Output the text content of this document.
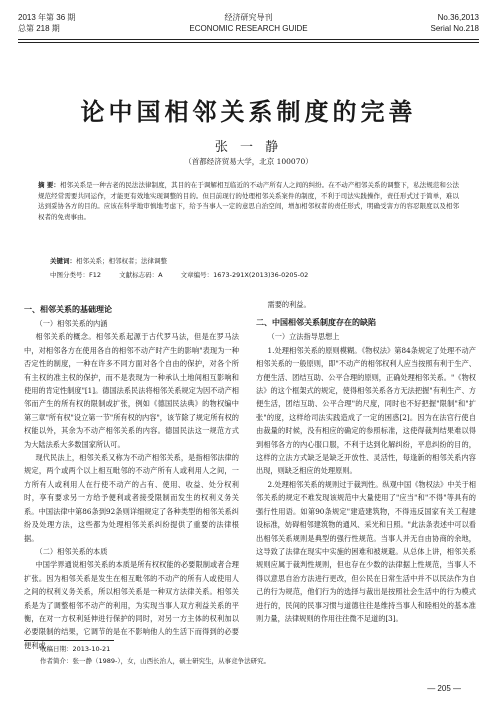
2013 年第 36 期
总第 218 期
经济研究导刊
ECONOMIC RESEARCH GUIDE
No.36,2013
Serial No.218
论中国相邻关系制度的完善
张 一 静
（首都经济贸易大学，北京 100070）
摘 要：相邻关系是一种古老的民法法律制度，其目的在于调解相互临近的不动产所有人之间的纠纷。在不动产相邻关系的调整下，私法规范和公法规范经常需要共同运作，才能更有效地实现调整的目的。但目前现行的处理相邻关系案件的制度，不利于司法实践操作，责任形式过于简单，难以达到妥协各方的目的。应该在科学地审慎地考虑下，给予当事人一定的意思自治空间，增加相邻权者的责任形式，明确受害方的容忍限度以及相邻权者的免责事由。
关键词：相邻关系；相邻权者；法律调整
中图分类号：F12	文献标志码：A	文章编号：1673-291X(2013)36-0205-02
一、相邻关系的基础理论
（一）相邻关系的内涵

相邻关系的概念。相邻关系起源于古代罗马法，但是在罗马法中，对相邻各方在使用各自的相邻不动产时产生的影响"表现为一种否定性的制度，一种在许多不同方面对各个自由的保护，对各个所有主权的准主权的保护，而不是表现为一种承认土地间相互影响和使用的肯定性制度"[1]。德国法系民法将相邻关系规定为因不动产相邻而产生的所有权的限制或扩张，例如《德国民法典》的物权编中第三章"所有权"设立第一节"所有权的内容"，该节除了规定所有权的权能以外，其余为不动产相邻关系的内容。德国民法这一规范方式为大陆法系大多数国家所认可。

现代民法上，相邻关系又称为不动产相邻关系，是指相邻法律的规定，两个或两个以上相互毗邻的不动产所有人或利用人之间，一方所有人或利用人在行使不动产的占有、使用、收益、处分权利时，享有要求另一方给予便利或者接受限制而发生的权利义务关系。中国法律中第86条到92条则详细规定了各种类型的相邻关系纠纷及处理方法，这些都为处理相邻关系纠纷提供了重要的法律根据。

（二）相邻关系的本质

中国学界通说相邻关系的本质是所有权权能的必要限制或者合理扩张。因为相邻关系是发生在相互毗邻的不动产的所有人或使用人之间的权利义务关系，所以相邻关系是一种双方法律关系。相邻关系是为了调整相邻不动产的利用，为实现当事人双方利益关系的平衡，在对一方权利延伸进行保护的同时，对另一方主体的权利加以必要限制的结果，它调节的是在不影响他人的生活下而得到的必要便利或

需要的利益。

二、中国相邻关系制度存在的缺陷
（一）立法指导思想上

1.处理相邻关系的原则模糊。《物权法》第84条规定了处理不动产相邻关系的一般原则，即"不动产的相邻权利人应当按照有利于生产、方便生活、团结互助、公平合理的原则，正确处理相邻关系。"《物权法》的这个框架式的规定，使得相邻关系各方无法把握"有利生产、方便生活，团结互助、公平合理"的尺度，同时也不好把握"限制"和"扩张"的度，这样给司法实践造成了一定的困惑[2]。因为在法官行使自由裁量的时候，没有相应的确定的参照标准，这使得裁判结果难以得到相邻各方的内心服口服，不利于达到化解纠纷，平息纠纷的目的，这样的立法方式缺乏是缺乏开放性、灵活性，每逢新的相邻关系内容出现，则缺乏相应的处理原则。

2.处理相邻关系的规则过于裁判性。纵观中国《物权法》中关于相邻关系的规定不难发现该规范中大量使用了"应当"和"不得"等具有的强行性用语。如第90条规定"建造建筑物，不得违反国家有关工程建设标准，妨碍相邻建筑物的通风、采光和日照。"此法条表述中可以看出相邻关系规则是典型的强行性规范。当事人并无自由协商的余地，这导致了法律在现实中实施的困难和被规避。从总体上讲，相邻关系规则应属于裁判性规则，但也存在少数的法律据上性规范，当事人不得以意思自治方法进行更改，但公民在日常生活中并不以民法作为自己的行为规范，他们行为的选择与裁出是按照社会生活中的行为模式进行的，民间的民事习惯与道德往往是维持当事人和睦相处的基本准则力量，法律规则的作用往往微不足道的[3]。

收稿日期：2013-10-21
作者简介：张一静（1989-），女，山西长治人，硕士研究生，从事竞争法研究。
— 205 —
